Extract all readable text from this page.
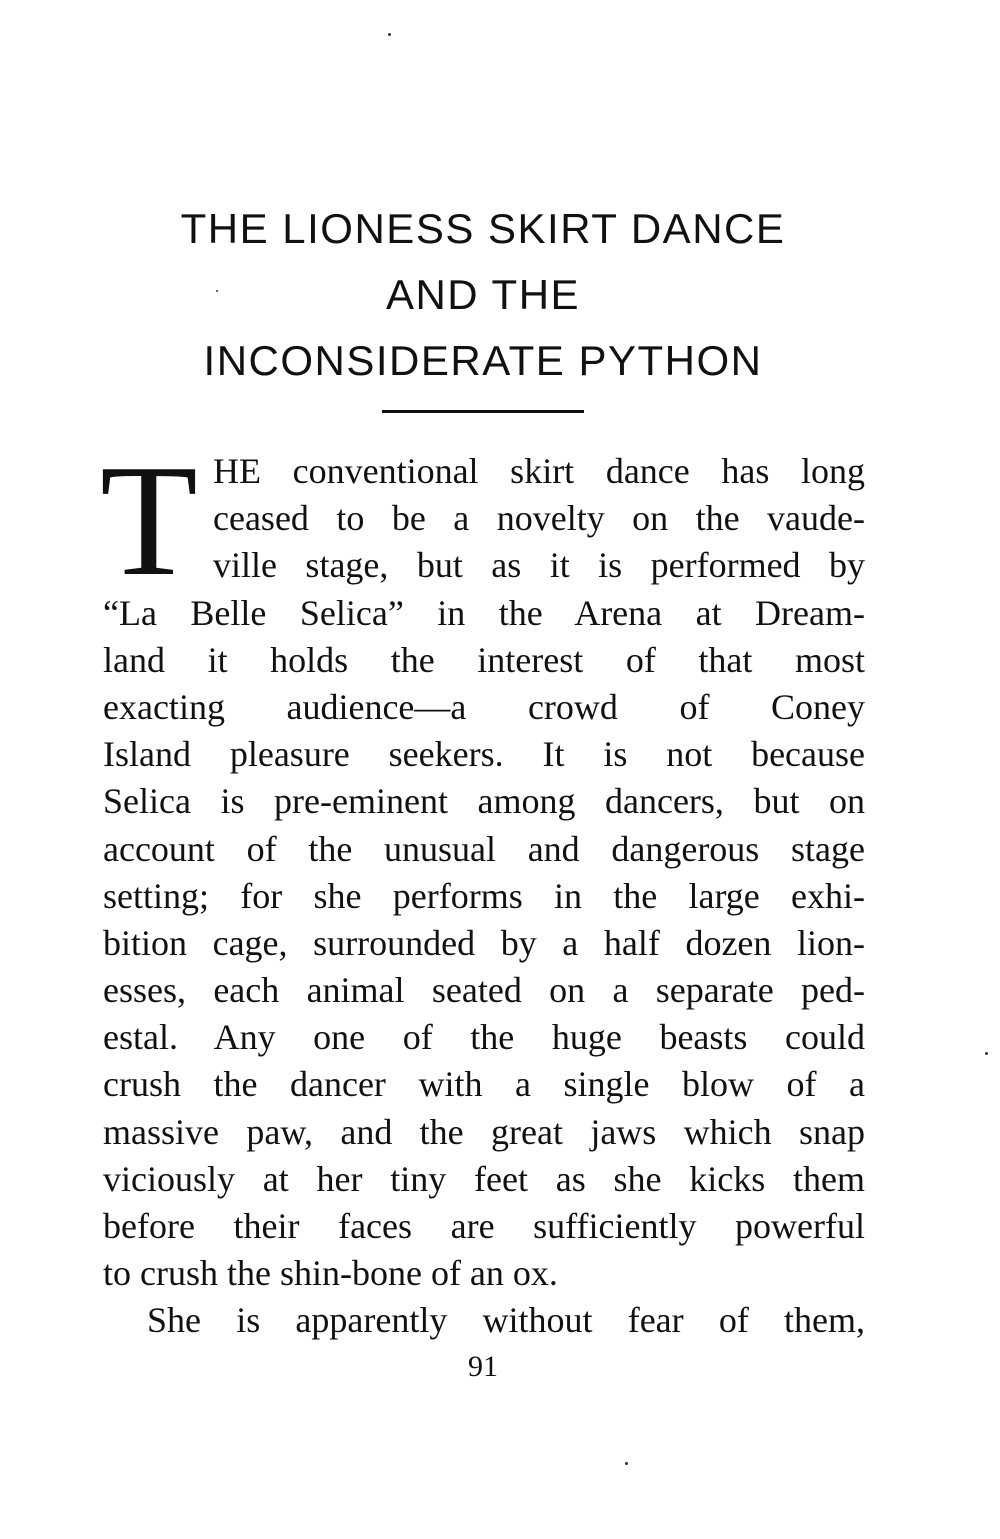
THE LIONESS SKIRT DANCE
AND THE
INCONSIDERATE PYTHON
T HE conventional skirt dance has long
ceased to be a novelty on the vaude-
ville stage, but as it is performed by
“La Belle Selica” in the Arena at Dream-
land it holds the interest of that most
exacting audience—a crowd of Coney
Island pleasure seekers. It is not because
Selica is pre-eminent among dancers, but on
account of the unusual and dangerous stage
setting; for she performs in the large exhi-
bition cage, surrounded by a half dozen lion-
esses, each animal seated on a separate ped-
estal. Any one of the huge beasts could
crush the dancer with a single blow of a
massive paw, and the great jaws which snap
viciously at her tiny feet as she kicks them
before their faces are sufficiently powerful
to crush the shin-bone of an ox.
She is apparently without fear of them,
91
